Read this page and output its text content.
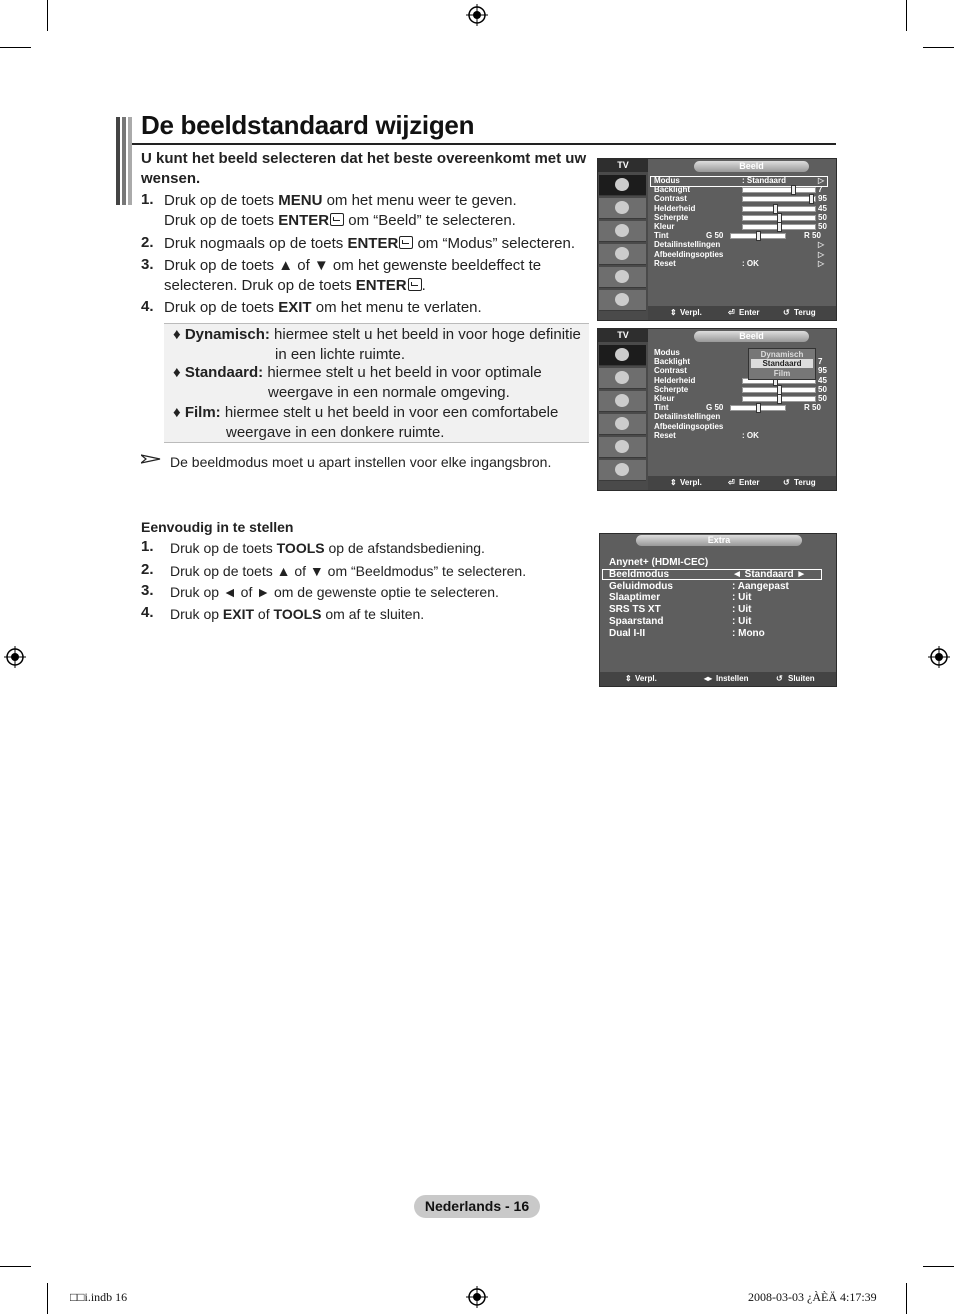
De beeldstandaard wijzigen
U kunt het beeld selecteren dat het beste overeenkomt met uw
wensen.
1. Druk op de toets MENU om het menu weer te geven.
Druk op de toets ENTER om “Beeld” te selecteren.
2. Druk nogmaals op de toets ENTER om “Modus” selecteren.
3. Druk op de toets ▲ of ▼ om het gewenste beeldeffect te
selecteren. Druk op de toets ENTER .
4. Druk op de toets EXIT om het menu te verlaten.
♦ Dynamisch: hiermee stelt u het beeld in voor hoge definitie
in een lichte ruimte.
♦ Standaard: hiermee stelt u het beeld in voor optimale
weergave in een normale omgeving.
♦ Film: hiermee stelt u het beeld in voor een comfortabele
weergave in een donkere ruimte.
De beeldmodus moet u apart instellen voor elke ingangsbron.
Eenvoudig in te stellen
1. Druk op de toets TOOLS op de afstandsbediening.
2. Druk op de toets ▲ of ▼ om “Beeldmodus” te selecteren.
3. Druk op ◄ of ► om de gewenste optie te selecteren.
4. Druk op EXIT of TOOLS om af te sluiten.
TV	Beeld
Modus	: Standaard	▷
Backlight	7
Contrast	95
Helderheid	45
Scherpte	50
Kleur	50
Tint	G 50	R 50
Detailinstellingen	▷
Afbeeldingsopties	▷
Reset	: OK	▷
⇕ Verpl.	⏎ Enter	↺ Terug
TV	Beeld
Modus
Backlight	7
Contrast	95
Helderheid	45
Scherpte	50
Kleur	50
Tint	G 50	R 50
Detailinstellingen
Afbeeldingsopties
Reset	: OK
Dynamisch
Standaard
Film
⇕ Verpl.	⏎ Enter	↺ Terug
Extra
Anynet+ (HDMI-CEC)
Beeldmodus	◄ Standaard ►
Geluidmodus	: Aangepast
Slaaptimer	: Uit
SRS TS XT	: Uit
Spaarstand	: Uit
Dual I-II	: Mono
⇕ Verpl.	◂▸ Instellen	↺ Sluiten
Nederlands - 16
□□i.indb 16	2008-03-03 ¿ÀÈÄ 4:17:39
